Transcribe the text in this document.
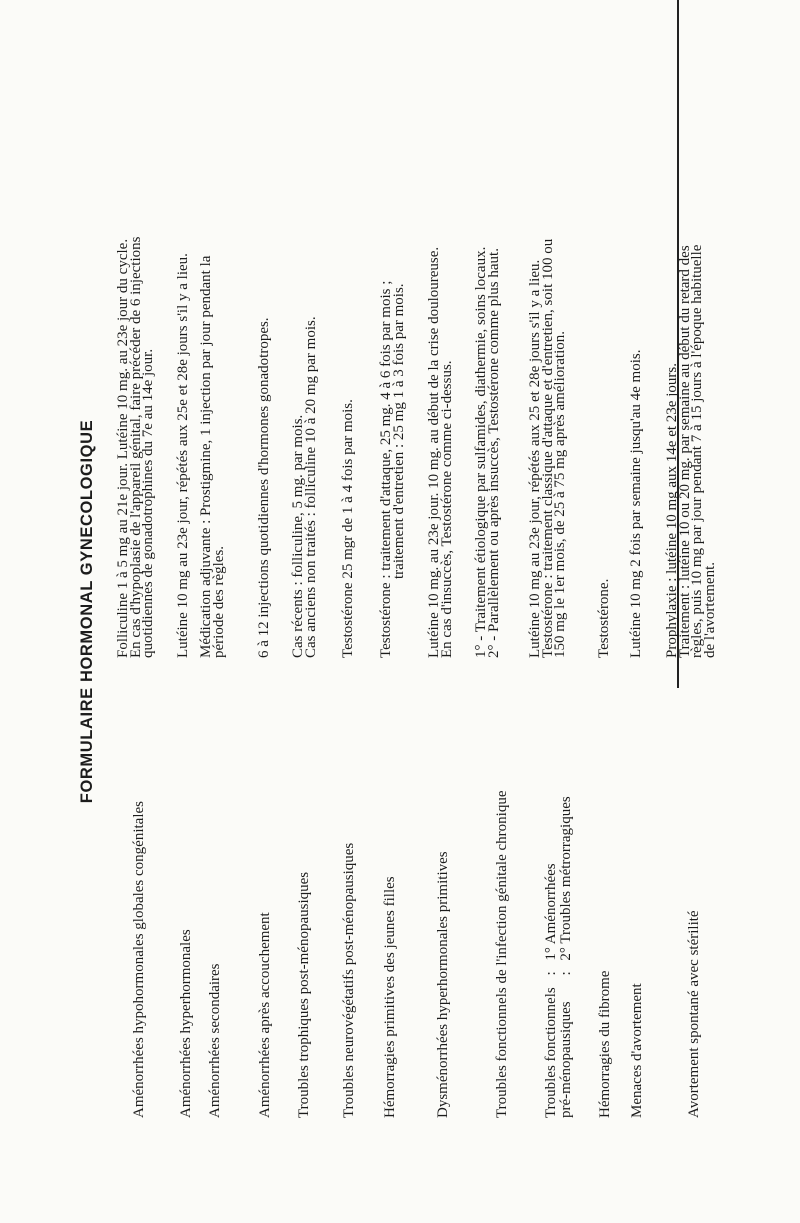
FORMULAIRE HORMONAL GYNECOLOGIQUE
Aménorrhées hypohormonales globales congénitales
Folliculine 1 à 5 mg au 21e jour. Lutéine 10 mg. au 23e jour du cycle.
En cas d'hypoplasie de l'appareil génital, faire précéder de 6 injections
quotidiennes de gonadotrophines du 7e au 14e jour.
Aménorrhées hyperhormonales
Lutéine 10 mg au 23e jour, répétés aux 25e et 28e jours s'il y a lieu.
Aménorrhées secondaires
Médication adjuvante : Prostigmine, 1 injection par jour pendant la
période des règles.
Aménorrhées après accouchement
6 à 12 injections quotidiennes d'hormones gonadotropes.
Troubles trophiques post-ménopausiques
Cas récents : folliculine, 5 mg. par mois.
Cas anciens non traités : folliculine 10 à 20 mg par mois.
Troubles neurovégétatifs post-ménopausiques
Testostérone 25 mgr de 1 à 4 fois par mois.
Hémorragies primitives des jeunes filles
Testostérone : traitement d'attaque, 25 mg. 4 à 6 fois par mois ;
traitement d'entretien : 25 mg 1 à 3 fois par mois.
Dysménorrhées hyperhormonales primitives
Lutéine 10 mg. au 23e jour. 10 mg. au début de la crise douloureuse.
En cas d'insuccès, Testostérone comme ci-dessus.
Troubles fonctionnels de l'infection génitale chronique
1° - Traitement étiologique par sulfamides, diathermie, soins locaux.
2° - Parallèlement ou après insuccès, Testostérone comme plus haut.
Troubles fonctionnels pré-ménopausiques
:
:
1° Aménorrhées 2° Troubles métrorragiques
Lutéine 10 mg au 23e jour, répétés aux 25 et 28e jours s'il y a lieu.
Testostérone : traitement classique d'attaque et d'entretien, soit 100 ou
150 mg le 1er mois, de 25 à 75 mg après amélioration.
Hémorragies du fibrome
Testostérone.
Menaces d'avortement
Lutéine 10 mg 2 fois par semaine jusqu'au 4e mois.
Avortement spontané avec stérilité
Prophylaxie : lutéine 10 mg aux 14e et 23e jours.
Traitement : lutéine 10 ou 20 mg. par semaine au début du retard des
règles, puis 10 mg par jour pendant 7 à 15 jours à l'époque habituelle
de l'avortement.
